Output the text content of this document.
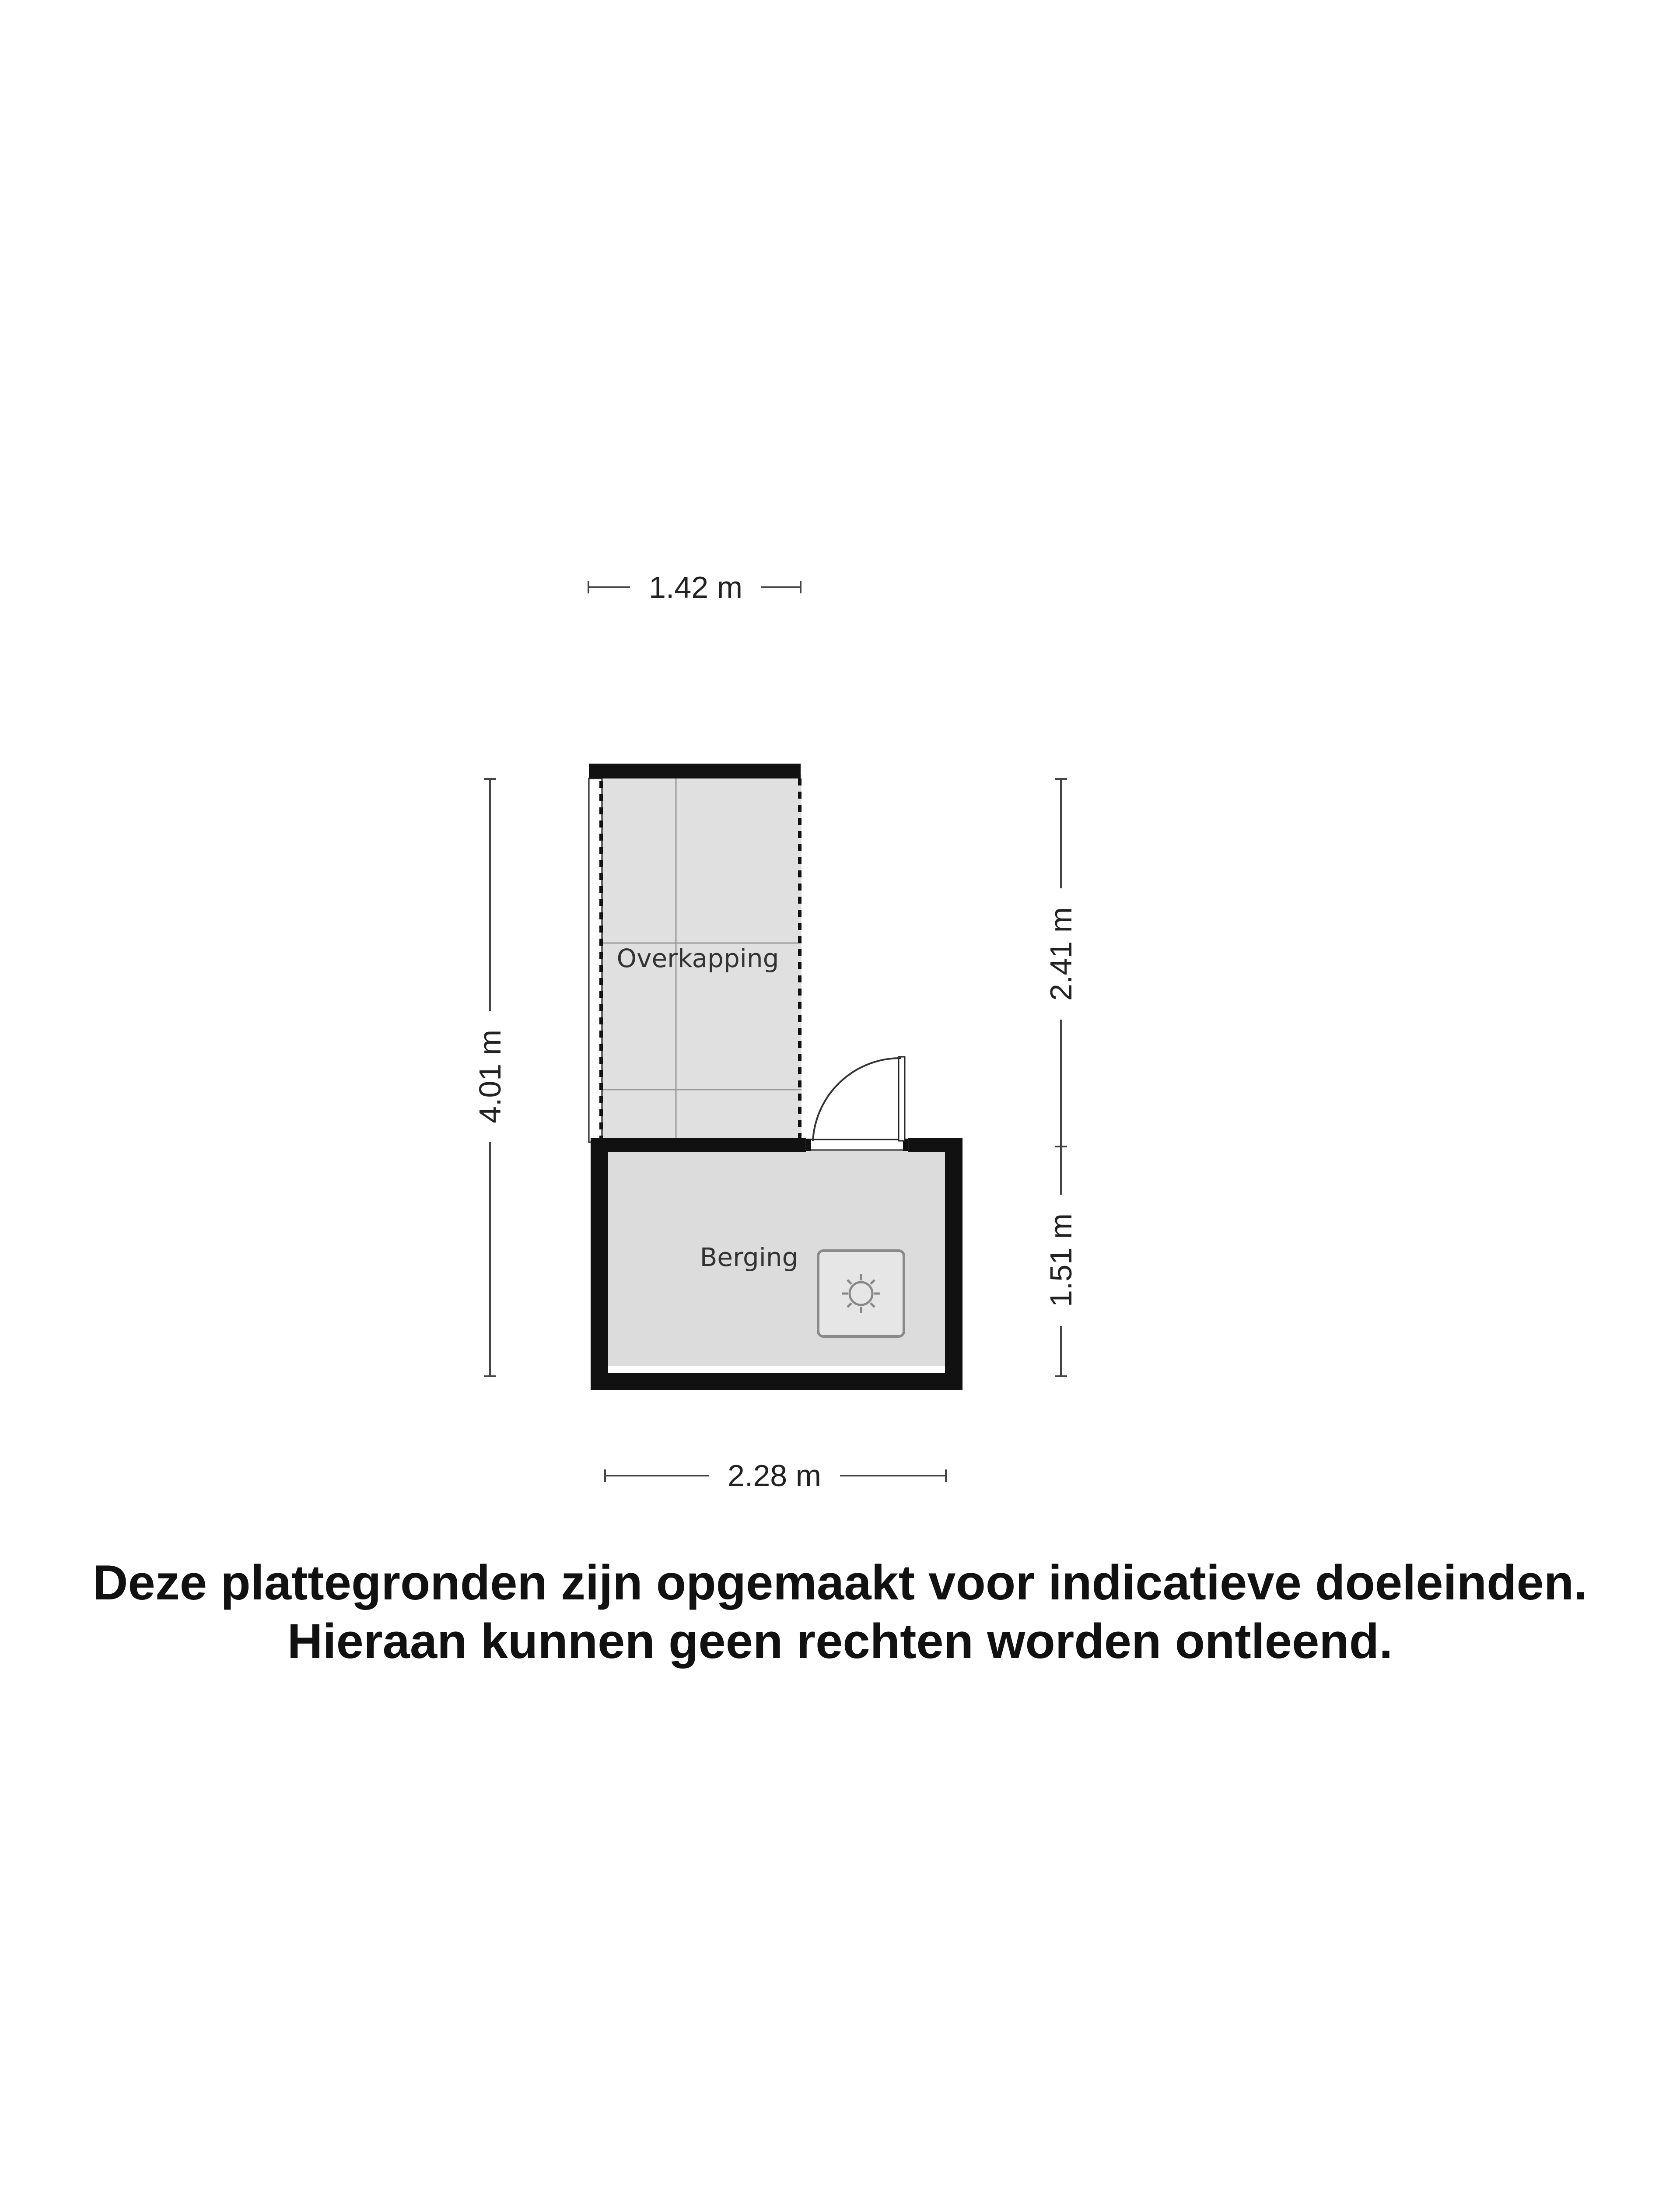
Overkapping
Berging
1.42 m
2.28 m
4.01 m
2.41 m
1.51 m
Deze plattegronden zijn opgemaakt voor indicatieve doeleinden.
Hieraan kunnen geen rechten worden ontleend.
